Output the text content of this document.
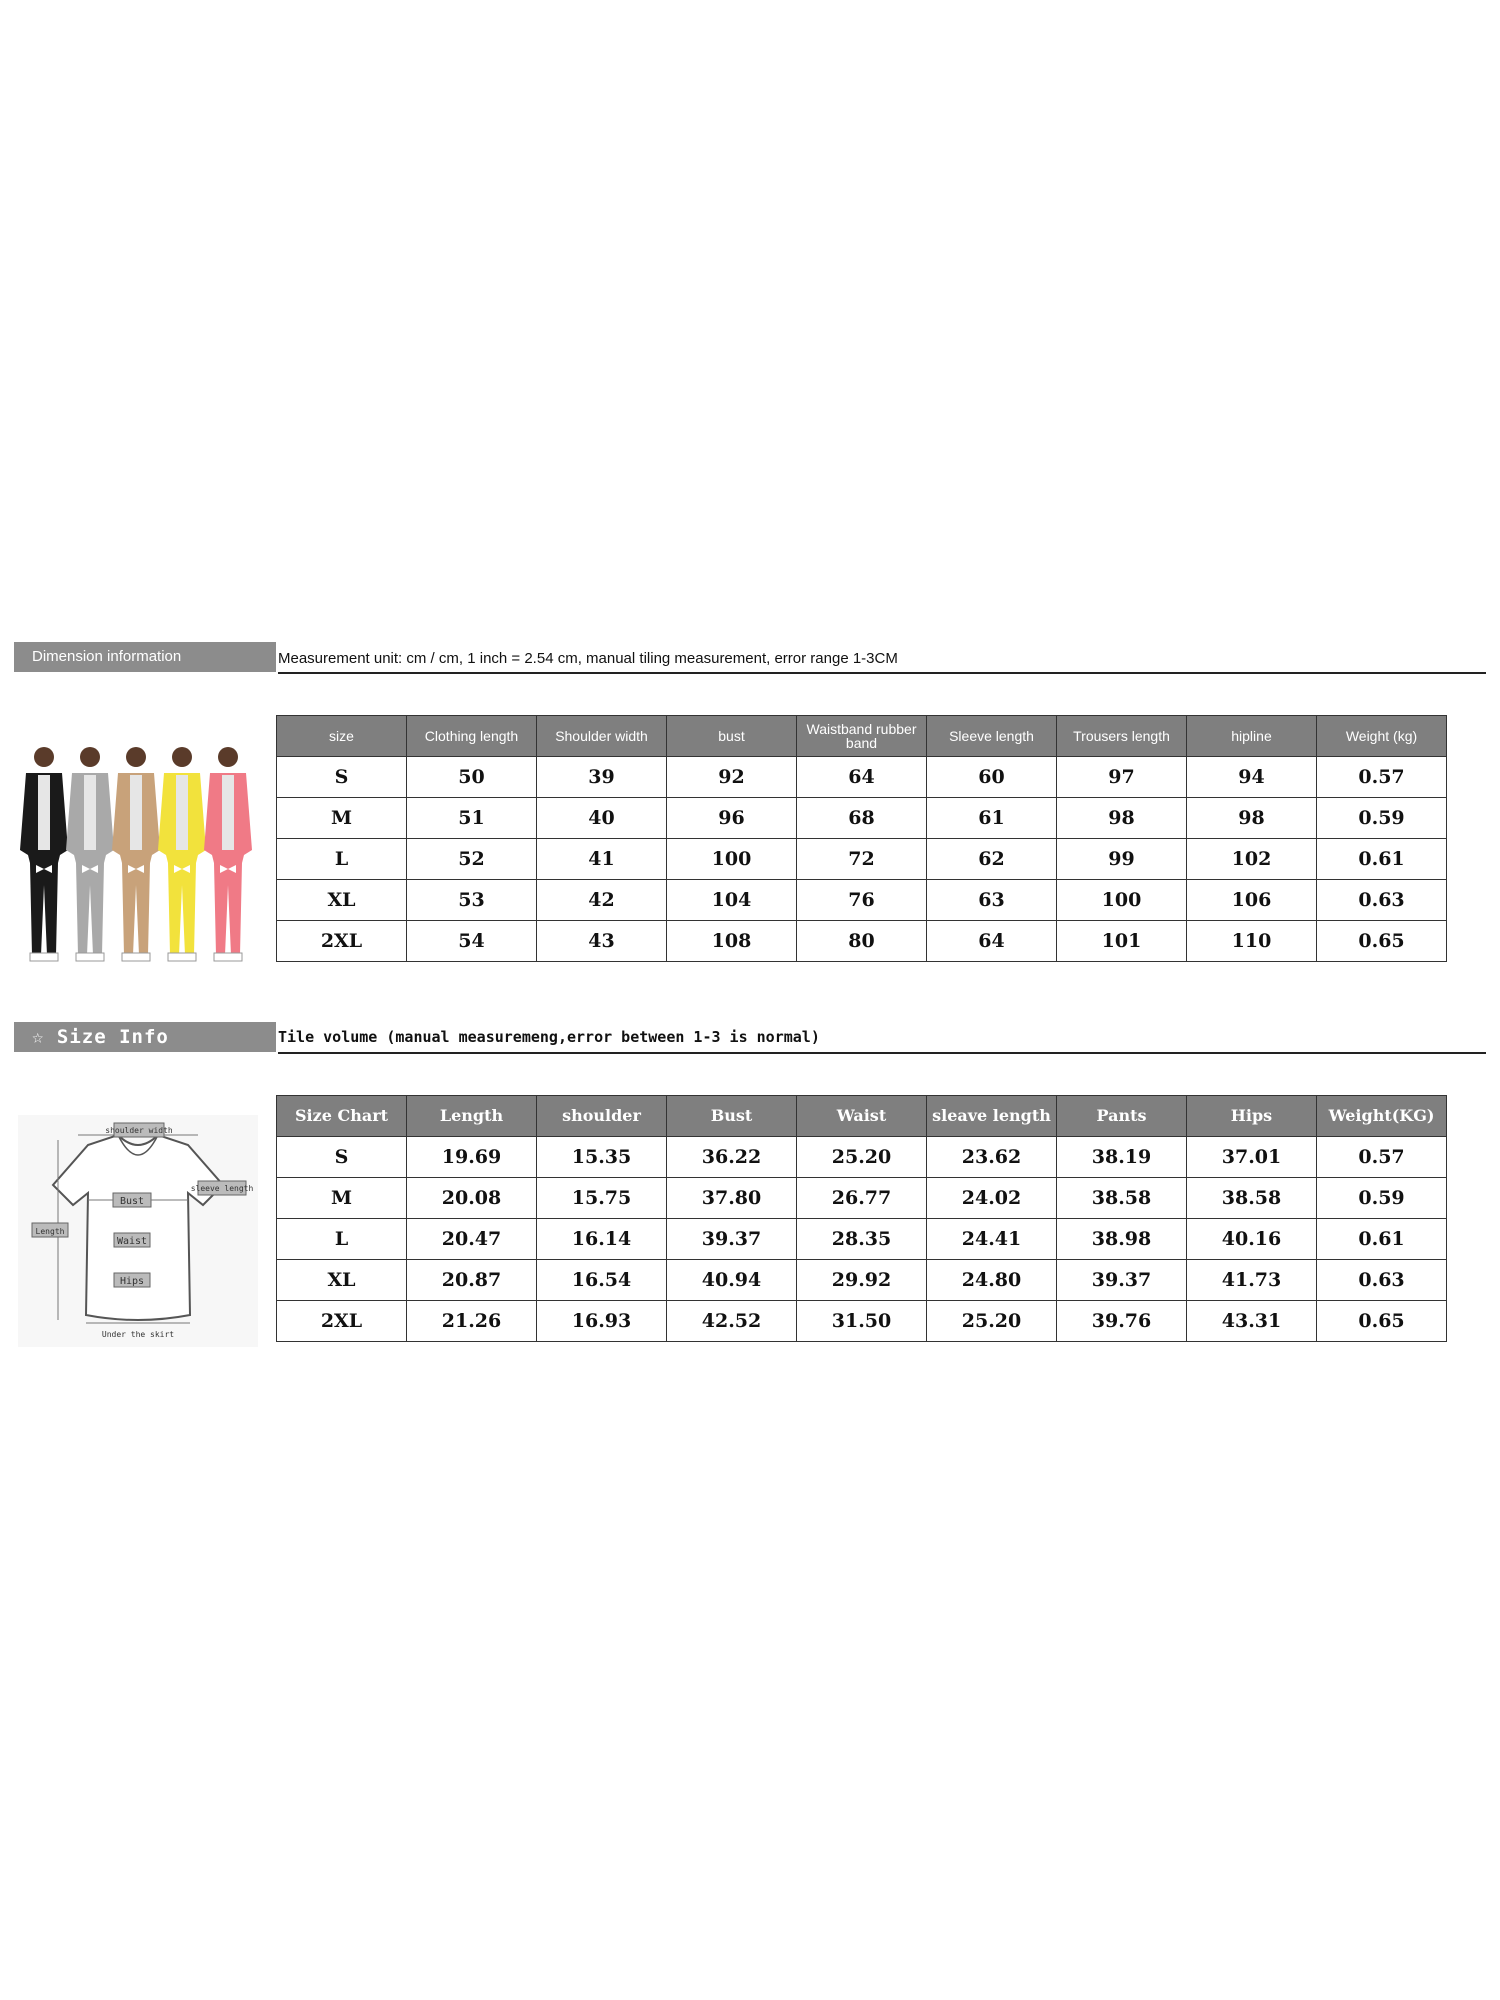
Dimension information	Measurement unit: cm / cm, 1 inch = 2.54 cm, manual tiling measurement, error range 1-3CM
size	Clothing length	Shoulder width	bust	Waistband rubber band	Sleeve length	Trousers length	hipline	Weight (kg)
S	50	39	92	64	60	97	94	0.57
M	51	40	96	68	61	98	98	0.59
L	52	41	100	72	62	99	102	0.61
XL	53	42	104	76	63	100	106	0.63
2XL	54	43	108	80	64	101	110	0.65
☆ Size Info	Tile volume (manual measuremeng,error between 1-3 is normal)
shoulder width
sleeve length
Bust
Waist
Hips
Length
Under the skirt
Size Chart	Length	shoulder	Bust	Waist	sleave length	Pants	Hips	Weight(KG)
S	19.69	15.35	36.22	25.20	23.62	38.19	37.01	0.57
M	20.08	15.75	37.80	26.77	24.02	38.58	38.58	0.59
L	20.47	16.14	39.37	28.35	24.41	38.98	40.16	0.61
XL	20.87	16.54	40.94	29.92	24.80	39.37	41.73	0.63
2XL	21.26	16.93	42.52	31.50	25.20	39.76	43.31	0.65
